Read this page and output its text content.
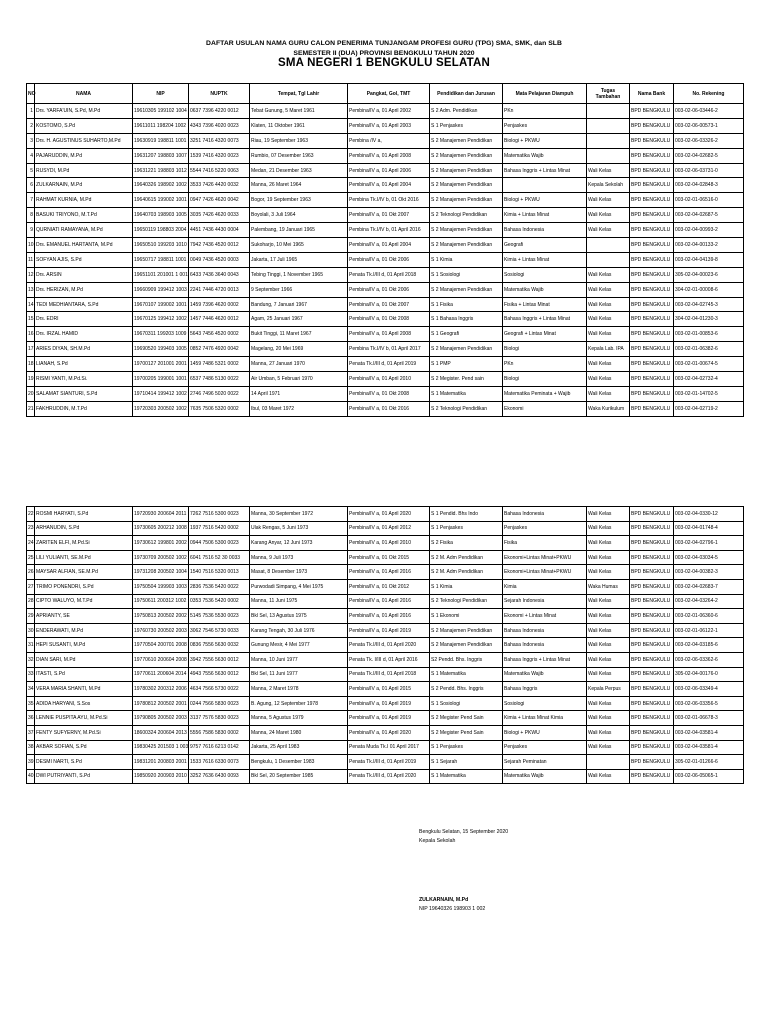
DAFTAR USULAN NAMA GURU CALON PENERIMA TUNJANGAM PROFESI GURU (TPG) SMA, SMK, dan SLB
SEMESTER II (DUA) PROVINSI BENGKULU TAHUN 2020
SMA NEGERI 1 BENGKULU SELATAN
NO	NAMA	NIP	NUPTK	Tempat, Tgl Lahir	Pangkat, Gol, TMT	Pendidikan dan Jurusan	Mata Pelajaran Diampuh	Tugas Tambahan	Nama Bank	No. Rekening
1	Drs. YARFA'UIN, S.Pd, M.Pd	19610305 199102 1004	0637 7396 4220 0012	Tebat Gunung, 5 Maret 1961	Pembina/IV a, 01 April 2002	S 2 Adm. Pendidikan	PKn		BPD BENGKULU	003-02-06-03446-2
2	KOSTOMO, S.Pd	19611011 198204 1002	4343 7396 4020 0023	Klaten, 11 Oktober 1961	Pembina/IV a, 01 April 2003	S 1 Penjaskes	Penjaskes		BPD BENGKULU	003-02-06-00573-1
3	Drs. H. AGUSTINUS SUHARTO,M.Pd	19630919 198811 1001	3251 7416 4320 0073	Riau, 19 September 1963	Pembina /IV a,	S 2 Manajemen Pendidikan	Biologi + PKWU		BPD BENGKULU	003-02-06-03326-2
4	PAJARUDDIN, M.Pd	19631207 198803 1007	1539 7416 4320 0023	Rumbio, 07 Desember 1963	Pembina/IV a, 01 April 2008	S 2 Manajemen Pendidikan	Matematika Wajib		BPD BENGKULU	003-02-04-02682-5
5	RUSYDI, M.Pd	19631221 198803 1012	5544 7416 5220 0063	Medan, 21 Desember 1963	Pembina/IV a, 01 April 2006	S 2 Manajemen Pendidikan	Bahasa Inggris + Lintas Minat	Wali Kelas	BPD BENGKULU	003-02-06-03731-0
6	ZULKARNAIN, M.Pd	19640326 198902 1002	3533 7426 4420 0032	Manna, 26 Maret 1964	Pembina/IV a, 01 April 2004	S 2 Manajemen Pendidikan		Kepala Sekolah	BPD BENGKULU	003-02-04-02848-3
7	RAHMAT KURNIA, M.Pd	19640615 199002 1001	0947 7426 4620 0042	Bogor, 19 September 1963	Pembina Tk.I/IV b, 01 Okt 2016	S 2 Manajemen Pendidikan	Biologi + PKWU	Wali Kelas	BPD BENGKULU	003-02-01-06516-0
8	BASUKI TRIYONO, M.T.Pd	19640703 198903 1005	3035 7426 4620 0033	Boyolali, 3 Juli 1964	Pembina/IV a, 01 Okt 2007	S 2 Teknologi Pendidikan	Kimia + Lintas Minat	Wali Kelas	BPD BENGKULU	003-02-04-02687-5
9	QURNIATI RAMAYANA, M.Pd	19650119 198803 2004	4451 7436 4430 0004	Palembang, 19 Januari 1965	Pembina Tk.I/IV b, 01 April 2016	S 2 Manajemen Pendidikan	Bahasa Indonesia	Wali Kelas	BPD BENGKULU	003-02-04-00993-2
10	Drs. EMANUEL HARTANTA, M.Pd	19650510 199203 1010	7942 7436 4520 0012	Sukoharjo, 10 Mei 1965	Pembina/IV a, 01 April 2004	S 2 Manajemen Pendidikan	Geografi		BPD BENGKULU	003-02-04-00133-2
11	SOFYAN AJIS, S.Pd	19650717 198811 1001	0049 7436 4520 0003	Jakarta, 17 Juli 1965	Pembina/IV a, 01 Okt 2006	S 1 Kimia	Kimia + Lintas Minat		BPD BENGKULU	003-02-04-04139-8
12	Drs. ARSIN	19651101 201001 1 001	6433 7436 3640 0043	Tebing Tinggi, 1 November 1965	Penata Tk.I/III d, 01 April 2018	S 1 Sosiologi	Sosiologi	Wali Kelas	BPD BENGKULU	305-02-04-00023-6
13	Drs. HERIZAN, M.Pd	19660909 199412 1003	2241 7446 4720 0013	9 September 1966	Pembina/IV a, 01 Okt 2006	S 2 Manajemen Pendidikan	Matematika Wajib	Wali Kelas	BPD BENGKULU	304-02-01-00008-6
14	TEDI MEDHIANTARA, S.Pd	19670107 199002 1001	1459 7396 4620 0002	Bandung, 7 Januari 1967	Pembina/IV a, 01 Okt 2007	S 1 Fisika	Fisika + Lintas Minat	Wali Kelas	BPD BENGKULU	003-02-04-02745-3
15	Drs. EDRI	19670125 199412 1002	1457 7446 4620 0012	Agam, 25 Januari 1967	Pembina/IV a, 01 Okt 2008	S 1 Bahasa Inggris	Bahasa Inggris + Lintas Minat	Wali Kelas	BPD BENGKULU	304-02-04-01230-3
16	Drs. IRZAL HAMID	19670311 199203 1009	5643 7456 4520 0002	Bukit Tinggi, 11 Maret 1967	Pembina/IV a, 01 April 2008	S 1 Geografi	Geografi + Lintas Minat	Wali Kelas	BPD BENGKULU	003-02-01-00853-6
17	ARIES DIYAN, SH.M.Pd	19690520 199403 1005	0852 7476 4920 0042	Magelang, 20 Mei 1969	Pembina Tk.I/IV b, 01 April 2017	S 2 Manajemen Pendidikan	Biologi	Kepala Lab. IPA	BPD BENGKULU	003-02-01-06382-6
18	LIANAH, S.Pd	19700127 201001 2001	1459 7486 5321 0002	Manna, 27 Januari 1970	Penata Tk.I/III d, 01 April 2019	S 1 PMP	PKn	Wali Kelas	BPD BENGKULU	003-02-01-00674-5
19	RISMI YANTI, M.Pd.Si.	19700205 199001 1001	6537 7486 5130 0022	Air Umban, 5 Februari 1970	Pembina/IV a, 01 April 2010	S 2 Megister. Pend sain	Biologi	Wali Kelas	BPD BENGKULU	003-02-04-02732-4
20	SALAMAT SIANTURI, S.Pd	19710414 199412 1002	2746 7496 5020 0022	14 April 1971	Pembina/IV a, 01 Okt 2008	S 1 Matematika	Matematika Peminata + Wajib	Wali Kelas	BPD BENGKULU	003-02-01-14702-5
21	FAKHRUDDIN, M.T.Pd	19720303 200502 1002	7635 7506 5320 0002	Ibul, 03 Maret 1972	Pembina/IV a, 01 Okt 2016	S 2 Teknologi Pendidikan	Ekonomi	Waka Kurikulum	BPD BENGKULU	003-02-04-02719-2
22	ROSMI HARYATI, S.Pd	19720930 200604 2011	7262 7516 5300 0023	Manna, 30 September 1972	Pembina/IV a, 01 April 2020	S 1 Pendid. Bhs Indo	Bahasa Indonesia	Wali Kelas	BPD BENGKULU	003-02-04-0330-12
23	ARHANUDIN, S.Pd	19730605 200212 1008	1937 7516 5420 0002	Ulak Rengas, 5 Juni 1973	Pembina/IV a, 01 April 2012	S 1 Penjaskes	Penjaskes	Wali Kelas	BPD BENGKULU	003-02-04-01748-4
24	ZARITEN ELFI, M.Pd.Si	19730612 199801 2002	0944 7506 5300 0023	Karang Anyar, 12 Juni 1973	Pembina/IV a, 01 April 2010	S 2 Fisika	Fisika	Wali Kelas	BPD BENGKULU	003-02-04-02796-1
25	LILI YULIANTI, SE.M.Pd	19730709 200502 1002	6041 7516 52 30 0033	Manna, 9 Juli 1973	Pembina/IV a, 01 Okt 2015	S 2 M. Adm Pendidikan	Ekonomi+Lintas Minat+PKWU	Wali Kelas	BPD BENGKULU	003-02-04-03034-5
26	MAYSAR ALFIAN, SE.M.Pd	19731208 200502 1004	1540 7516 5320 0013	Masat, 8 Desember 1973	Pembina/IV a, 01 April 2016	S 2 M. Adm Pendidikan	Ekonomi+Lintas Minat+PKWU	Wali Kelas	BPD BENGKULU	003-02-04-00382-3
27	TRIMO PONENDRI, S.Pd	19750504 199903 1003	2836 7536 5420 0022	Purwodadi Simpang, 4 Mei 1975	Pembina/IV a, 01 Okt 2012	S 1 Kimia	Kimia	Waka Humas	BPD BENGKULU	003-02-04-02683-7
28	CIPTO WALUYO, M.T.Pd	19750611 200312 1002	0353 7536 5420 0002	Manna, 11 Juni 1975	Pembina/IV a, 01 April 2016	S 2 Teknologi Pendidikan	Sejarah Indonesia	Wali Kelas	BPD BENGKULU	003-02-04-03264-2
29	APRIANTY, SE	19750813 200502 2002	5145 7536 5530 0023	Bkl Sel, 13 Agustus 1975	Pembina/IV a, 01 April 2016	S 1 Ekonomi	Ekonomi + Lintas Minat	Wali Kelas	BPD BENGKULU	003-02-01-06360-6
30	ENDERAWATI, M.Pd	19760730 200502 2003	3062 7546 5730 0033	Karang Tengah, 30 Juli 1976	Pembina/IV a, 01 April 2019	S 2 Manajemen Pendidikan	Bahasa Indonesia	Wali Kelas	BPD BENGKULU	003-02-01-06122-1
31	HEPI SUSANTI, M.Pd	19770504 200701 2008	0836 7556 5630 0032	Gunung Mesir, 4 Mei 1977	Penata Tk.I/III d, 01 April 2020	S 2 Manajemen Pendidikan	Bahasa Indonesia	Wali Kelas	BPD BENGKULU	003-02-04-03185-6
32	DIAN SARI, M.Pd	19770610 200604 2008	3942 7556 5630 0012	Manna, 10 Juni 1977	Penata Tk. I/III d, 01 April 2016	S2 Pendd. Bhs. Inggris	Bahasa Inggris + Lintas Minat	Wali Kelas	BPD BENGKULU	003-02-06-03362-6
33	ITASTI, S.Pd	19770611 200604 2014	4943 7556 5630 0012	Bkl Sel, 11 Juni 1977	Penata Tk.I/III d, 01 April 2018	S 1 Matematika	Matematika Wajib	Wali Kelas	BPD BENGKULU	305-02-04-00176-0
34	VERA MARIA SHANTI, M.Pd	19780302 200312 2006	4634 7566 5730 0022	Manna, 2 Maret 1978	Pembina/IV a, 01 April 2015	S 2 Pendd. Bhs. Inggris	Bahasa Inggris	Kepala Perpus	BPD BENGKULU	003-02-06-03349-4
35	ADIDA HARYANI, S.Sos	19780812 200502 2001	0244 7566 5830 0023	B. Agung, 12 September 1978	Pembina/IV a, 01 April 2019	S 1 Sosiologi	Sosiologi	Wali Kelas	BPD BENGKULU	003-02-06-03356-5
36	LENNIE PUSPITA AYU, M.Pd.Si	19790805 200502 2003	3137 7576 5830 0023	Manna, 5 Agustus 1979	Pembina/IV a, 01 April 2019	S 2 Megister Pend Sain	Kimia + Lintas Minat Kimia	Wali Kelas	BPD BENGKULU	003-02-01-06678-3
37	FENTY SUFYERNY, M.Pd.Si	18600324 200604 2013	5556 7586 5830 0002	Manna, 24 Maret 1980	Pembina/IV a, 01 April 2020	S 2 Megister Pend Sain	Biologi + PKWU	Wali Kelas	BPD BENGKULU	003-02-04-03581-4
38	AKBAR SOFIAN, S.Pd	19830425 201503 1 003	9757 7616 6213 0142	Jakarta, 25 April 1983	Penata Muda Tk.I 01 April 2017	S 1 Penjaskes	Penjaskes	Wali Kelas	BPD BENGKULU	003-02-04-03581-4
39	DESMI NARTI, S.Pd	19831201 200803 2001	1533 7616 6330 0073	Bengkulu, 1 Desember 1983	Penata Tk.I/III d, 01 April 2019	S 1 Sejarah	Sejarah Peminatan		BPD BENGKULU	305-02-01-01266-6
40	DWI PUTRIYANTI, S.Pd	19850920 200903 2010	3252 7636 6430 0093	Bkl Sel, 20 September 1985	Penata Tk.I/III d, 01 April 2020	S 1 Matematika	Matematika Wajib	Wali Kelas	BPD BENGKULU	003-02-06-05065-1
Bengkulu Selatan, 15 September 2020
Kepala Sekolah
ZULKARNAIN, M.Pd
NIP 19640326 198903 1 002
